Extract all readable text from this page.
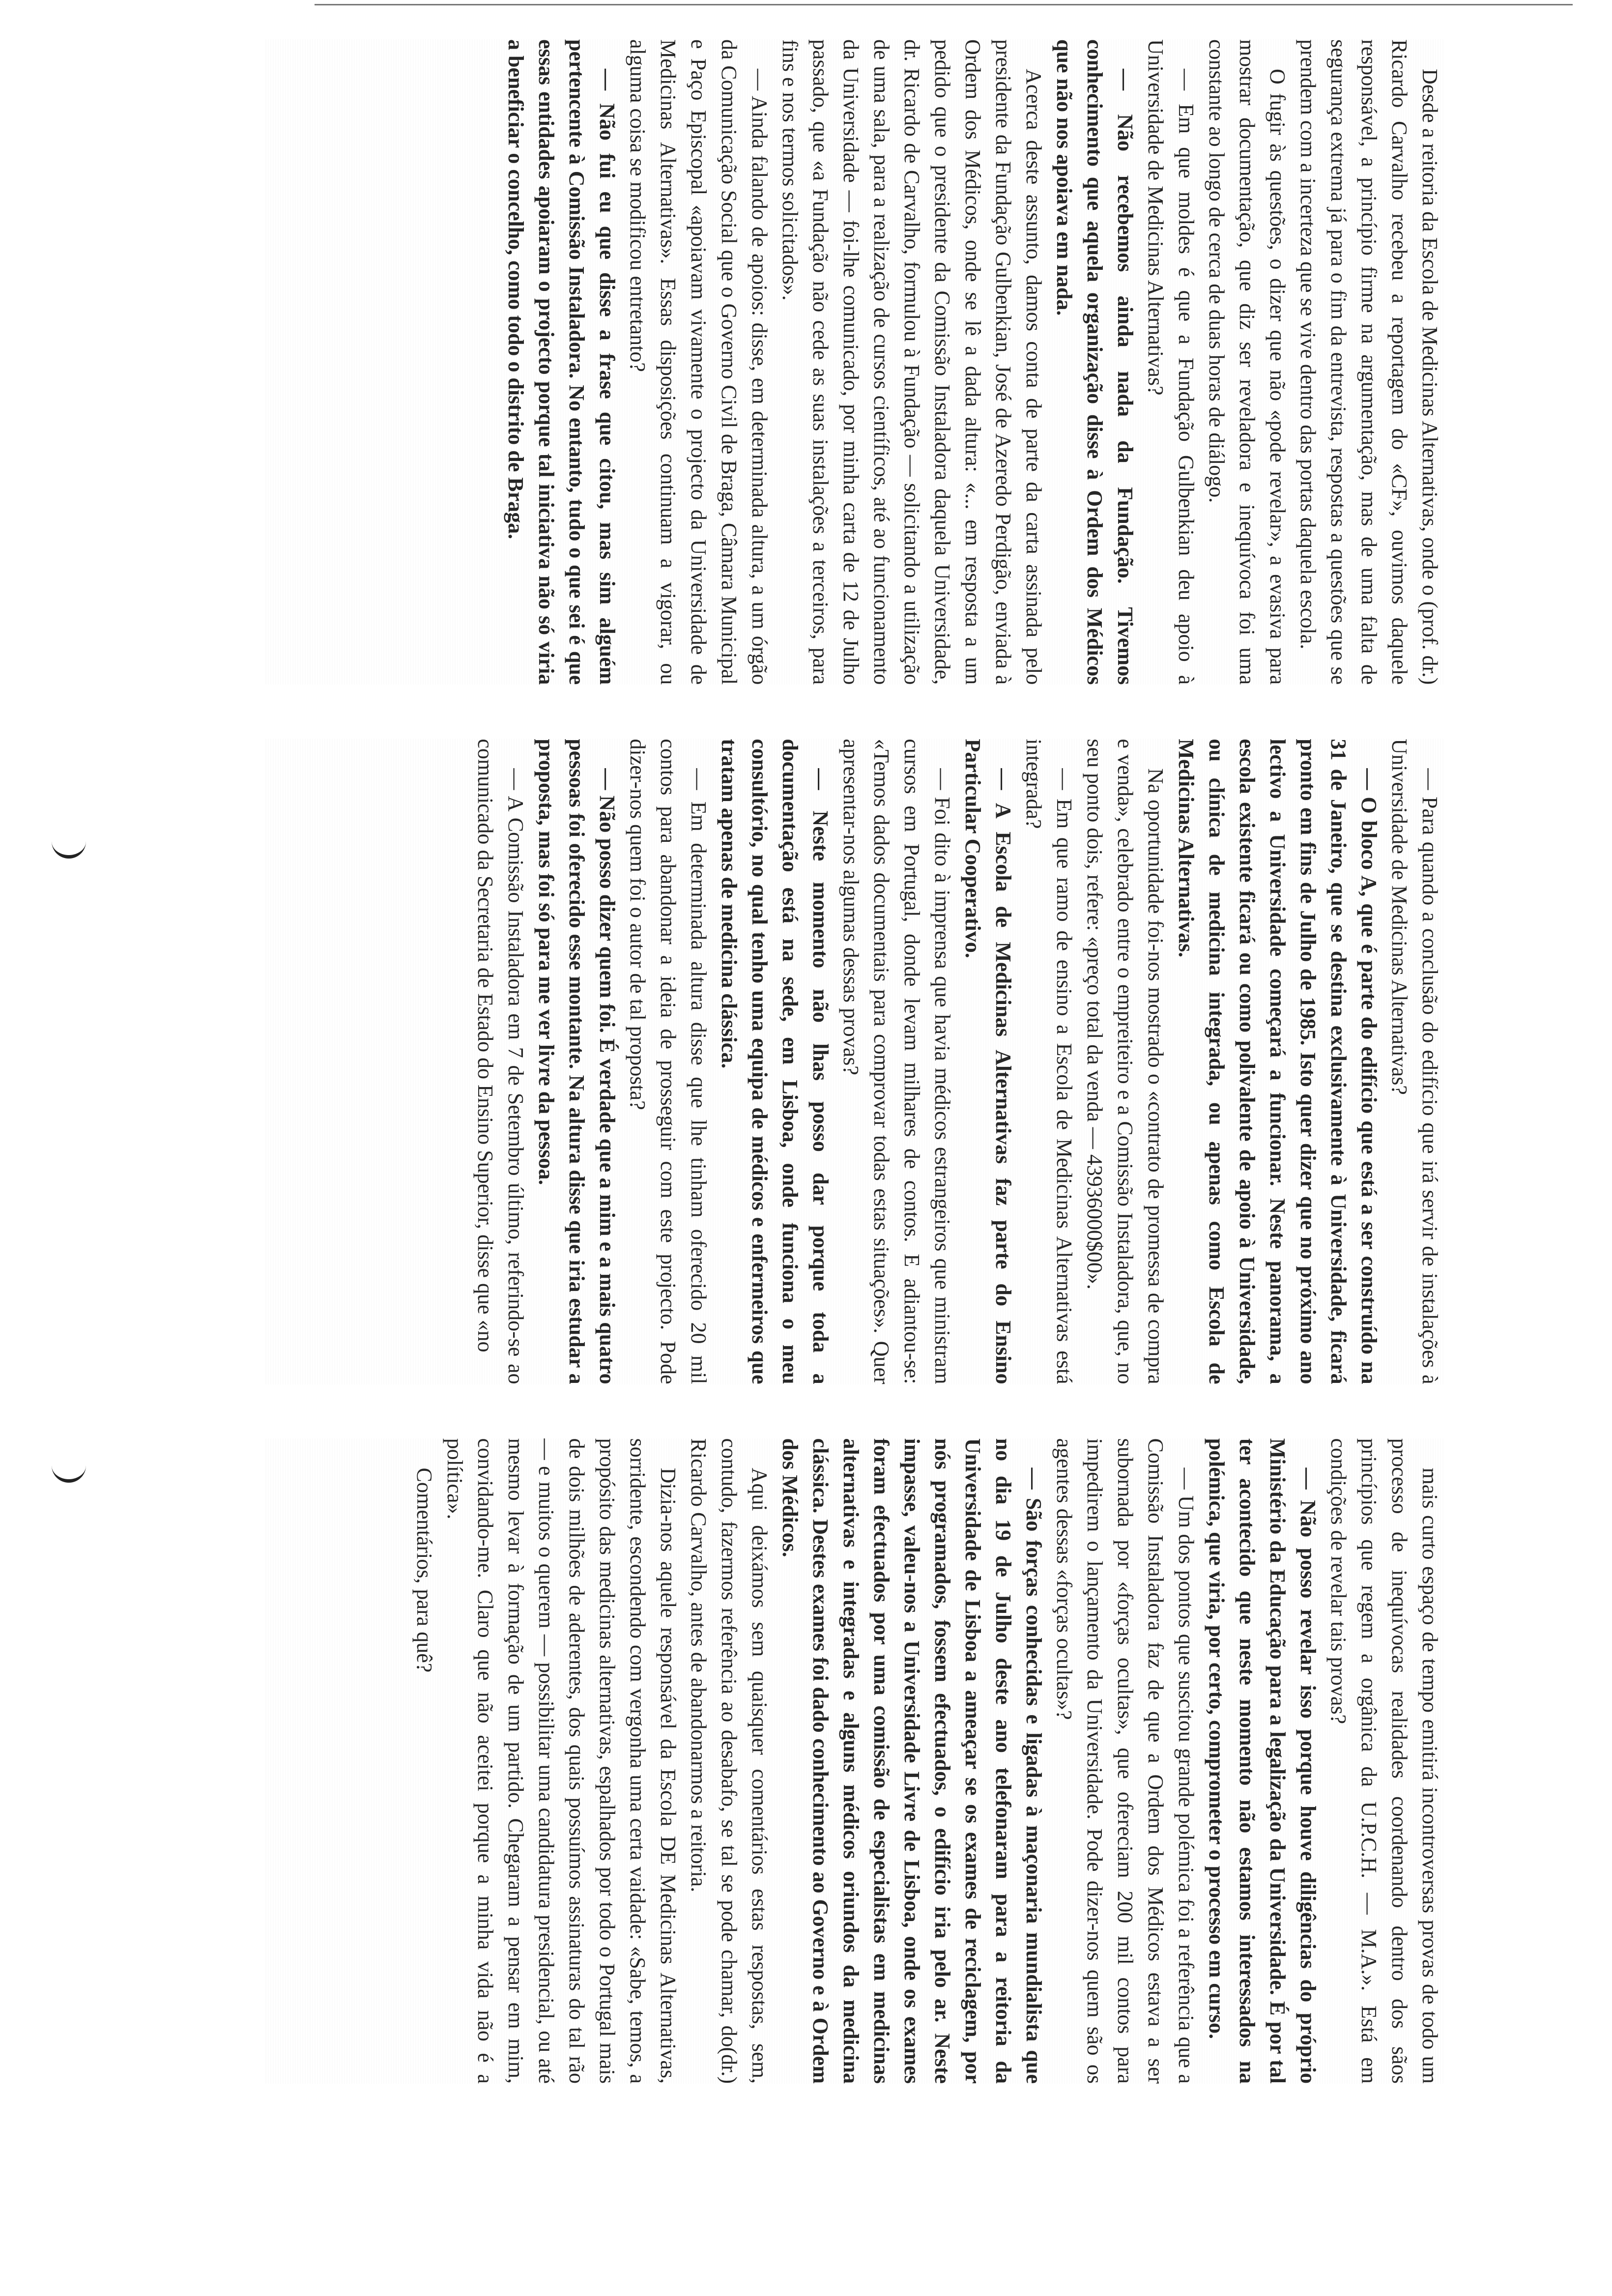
Desde a reitoria da Escola de Medicinas Alternativas, onde o (prof. dr.) Ricardo Carvalho recebeu a reportagem do «CF», ouvimos daquele responsável, a princípio firme na argumentação, mas de uma falta de segurança extrema já para o fim da entrevista, respostas a questões que se prendem com a incerteza que se vive dentro das portas daquela escola.

O fugir às questões, o dizer que não «pode revelar», a evasiva para mostrar documentação, que diz ser reveladora e inequívoca foi uma constante ao longo de cerca de duas horas de diálogo.

— Em que moldes é que a Fundação Gulbenkian deu apoio à Universidade de Medicinas Alternativas?

— Não recebemos ainda nada da Fundação. Tivemos conhecimento que aquela organização disse à Ordem dos Médicos que não nos apoiava em nada.

Acerca deste assunto, damos conta de parte da carta assinada pelo presidente da Fundação Gulbenkian, José de Azeredo Perdigão, enviada à Ordem dos Médicos, onde se lê a dada altura: «... em resposta a um pedido que o presidente da Comissão Instaladora daquela Universidade, dr. Ricardo de Carvalho, formulou à Fundação — solicitando a utilização de uma sala, para a realização de cursos científicos, até ao funcionamento da Universidade — foi-lhe comunicado, por minha carta de 12 de Julho passado, que «a Fundação não cede as suas instalações a terceiros, para fins e nos termos solicitados».

— Ainda falando de apoios: disse, em determinada altura, a um órgão da Comunicação Social que o Governo Civil de Braga, Câmara Municipal e Paço Episcopal «apoiavam vivamente o projecto da Universidade de Medicinas Alternativas». Essas disposições continuam a vigorar, ou alguma coisa se modificou entretanto?

— Não fui eu que disse a frase que citou, mas sim alguém pertencente à Comissão Instaladora. No entanto, tudo o que sei é que essas entidades apoiaram o projecto porque tal iniciativa não só viria a beneficiar o concelho, como todo o distrito de Braga.

— Para quando a conclusão do edifício que irá servir de instalações à Universidade de Medicinas Alternativas?

— O bloco A, que é parte do edifício que está a ser construído na 31 de Janeiro, que se destina exclusivamente à Universidade, ficará pronto em fins de Julho de 1985. Isto quer dizer que no próximo ano lectivo a Universidade começará a funcionar. Neste panorama, a escola existente ficará ou como polivalente de apoio à Universidade, ou clínica de medicina integrada, ou apenas como Escola de Medicinas Alternativas.

Na oportunidade foi-nos mostrado o «contrato de promessa de compra e venda», celebrado entre o empreiteiro e a Comissão Instaladora, que, no seu ponto dois, refere: «preço total da venda — 43936000$00».

— Em que ramo de ensino a Escola de Medicinas Alternativas está integrada?

— A Escola de Medicinas Alternativas faz parte do Ensino Particular Cooperativo.

— Foi dito à imprensa que havia médicos estrangeiros que ministram cursos em Portugal, donde levam milhares de contos. E adiantou-se: «Temos dados documentais para comprovar todas estas situações». Quer apresentar-nos algumas dessas provas?

— Neste momento não lhas posso dar porque toda a documentação está na sede, em Lisboa, onde funciona o meu consultório, no qual tenho uma equipa de médicos e enfermeiros que tratam apenas de medicina clássica.

— Em determinada altura disse que lhe tinham oferecido 20 mil contos para abandonar a ideia de prosseguir com este projecto. Pode dizer-nos quem foi o autor de tal proposta?

— Não posso dizer quem foi. É verdade que a mim e a mais quatro pessoas foi oferecido esse montante. Na altura disse que iria estudar a proposta, mas foi só para me ver livre da pessoa.

— A Comissão Instaladora em 7 de Setembro último, referindo-se ao comunicado da Secretaria de Estado do Ensino Superior, disse que «no

mais curto espaço de tempo emitirá incontroversas provas de todo um processo de inequívocas realidades coordenando dentro dos sãos princípios que regem a orgânica da U.P.C.H. — M.A.». Está em condições de revelar tais provas?

— Não posso revelar isso porque houve diligências do próprio Ministério da Educação para a legalização da Universidade. É por tal ter acontecido que neste momento não estamos interessados na polémica, que viria, por certo, comprometer o processo em curso.

— Um dos pontos que suscitou grande polémica foi a referência que a Comissão Instaladora faz de que a Ordem dos Médicos estava a ser subornada por «forças ocultas», que ofereciam 200 mil contos para impedirem o lançamento da Universidade. Pode dizer-nos quem são os agentes dessas «forças ocultas»?

— São forças conhecidas e ligadas à maçonaria mundialista que no dia 19 de Julho deste ano telefonaram para a reitoria da Universidade de Lisboa a ameaçar se os exames de reciclagem, por nós programados, fossem efectuados, o edifício iria pelo ar. Neste impasse, valeu-nos a Universidade Livre de Lisboa, onde os exames foram efectuados por uma comissão de especialistas em medicinas alternativas e integradas e alguns médicos oriundos da medicina clássica. Destes exames foi dado conhecimento ao Governo e à Ordem dos Médicos.

Aqui deixámos sem quaisquer comentários estas respostas, sem, contudo, fazermos referência ao desabafo, se tal se pode chamar, do(dr.) Ricardo Carvalho, antes de abandonarmos a reitoria.

Dizia-nos aquele responsável da Escola DE Medicinas Alternativas, sorridente, escondendo com vergonha uma certa vaidade: «Sabe, temos, a propósito das medicinas alternativas, espalhados por todo o Portugal mais de dois milhões de aderentes, dos quais possuímos assinaturas do tal rão — e muitos o querem — possibilitar uma candidatura presidencial, ou até mesmo levar à formação de um partido. Chegaram a pensar em mim, convidando-me. Claro que não aceitei porque a minha vida não é a política».

Comentários, para quê?
